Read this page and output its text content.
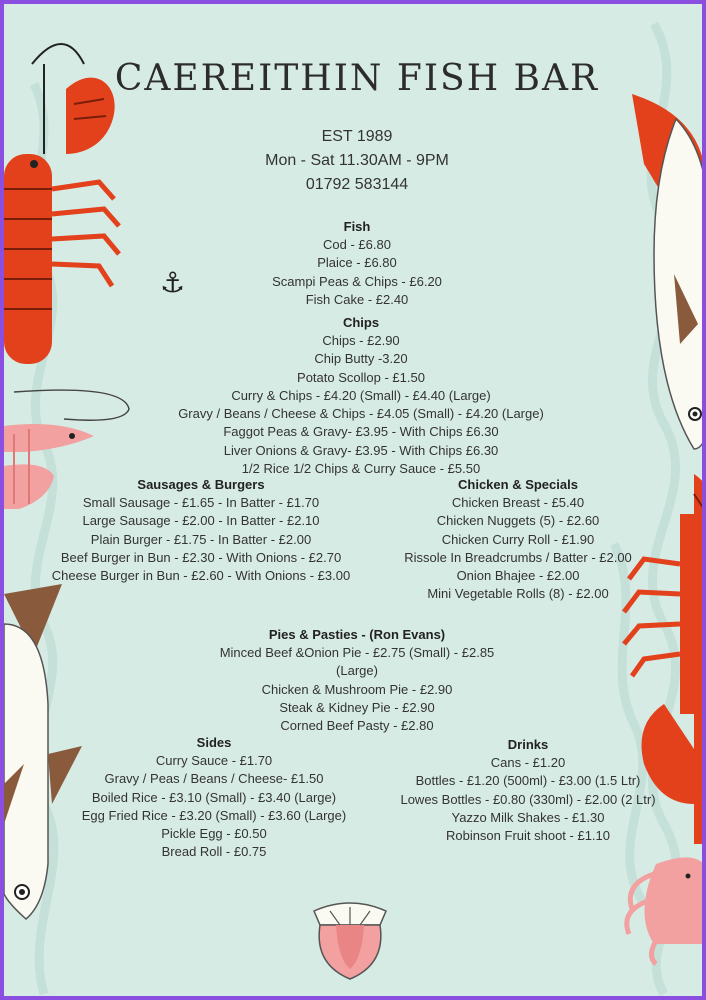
CAEREITHIN FISH BAR
EST 1989
Mon - Sat 11.30AM - 9PM
01792 583144
⚓
Fish
Cod - £6.80
Plaice - £6.80
Scampi Peas & Chips - £6.20
Fish Cake - £2.40
Chips
Chips - £2.90
Chip Butty -3.20
Potato Scollop - £1.50
Curry & Chips - £4.20 (Small) - £4.40 (Large)
Gravy / Beans / Cheese & Chips - £4.05 (Small) - £4.20 (Large)
Faggot Peas & Gravy- £3.95 - With Chips £6.30
Liver Onions & Gravy- £3.95 - With Chips £6.30
1/2 Rice 1/2 Chips & Curry Sauce - £5.50
Sausages & Burgers
Small Sausage - £1.65 - In Batter - £1.70
Large Sausage - £2.00 - In Batter - £2.10
Plain Burger - £1.75 - In Batter - £2.00
Beef Burger in Bun - £2.30 - With Onions - £2.70
Cheese Burger in Bun - £2.60 - With Onions - £3.00
Chicken & Specials
Chicken Breast - £5.40
Chicken Nuggets (5) - £2.60
Chicken Curry Roll - £1.90
Rissole In Breadcrumbs / Batter - £2.00
Onion Bhajee - £2.00
Mini Vegetable Rolls (8) - £2.00
Pies & Pasties - (Ron Evans)
Minced Beef &Onion Pie - £2.75 (Small) - £2.85
(Large)
Chicken & Mushroom Pie - £2.90
Steak & Kidney Pie - £2.90
Corned Beef Pasty - £2.80
Sides
Curry Sauce - £1.70
Gravy / Peas / Beans / Cheese- £1.50
Boiled Rice - £3.10 (Small) - £3.40 (Large)
Egg Fried Rice - £3.20 (Small) - £3.60 (Large)
Pickle Egg - £0.50
Bread Roll - £0.75
Drinks
Cans - £1.20
Bottles - £1.20 (500ml) - £3.00 (1.5 Ltr)
Lowes Bottles - £0.80 (330ml) - £2.00 (2 Ltr)
Yazzo Milk Shakes - £1.30
Robinson Fruit shoot - £1.10
